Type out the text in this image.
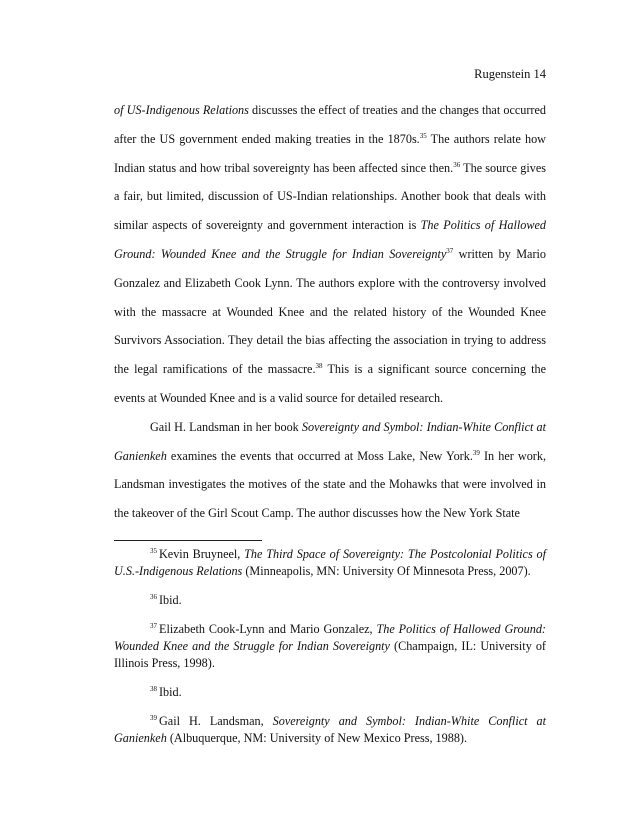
Rugenstein 14

of US-Indigenous Relations discusses the effect of treaties and the changes that occurred after the US government ended making treaties in the 1870s.$^{35}$ The authors relate how Indian status and how tribal sovereignty has been affected since then.$^{36}$ The source gives a fair, but limited, discussion of US-Indian relationships. Another book that deals with similar aspects of sovereignty and government interaction is The Politics of Hallowed Ground: Wounded Knee and the Struggle for Indian Sovereignty$^{37}$ written by Mario Gonzalez and Elizabeth Cook Lynn. The authors explore with the controversy involved with the massacre at Wounded Knee and the related history of the Wounded Knee Survivors Association. They detail the bias affecting the association in trying to address the legal ramifications of the massacre.$^{38}$ This is a significant source concerning the events at Wounded Knee and is a valid source for detailed research.

Gail H. Landsman in her book Sovereignty and Symbol: Indian-White Conflict at Ganienkeh examines the events that occurred at Moss Lake, New York.$^{39}$ In her work, Landsman investigates the motives of the state and the Mohawks that were involved in the takeover of the Girl Scout Camp. The author discusses how the New York State

$^{35}$ Kevin Bruyneel, The Third Space of Sovereignty: The Postcolonial Politics of U.S.-Indigenous Relations (Minneapolis, MN: University Of Minnesota Press, 2007).

$^{36}$ Ibid.

$^{37}$ Elizabeth Cook-Lynn and Mario Gonzalez, The Politics of Hallowed Ground: Wounded Knee and the Struggle for Indian Sovereignty (Champaign, IL: University of Illinois Press, 1998).

$^{38}$ Ibid.

$^{39}$ Gail H. Landsman, Sovereignty and Symbol: Indian-White Conflict at Ganienkeh (Albuquerque, NM: University of New Mexico Press, 1988).
